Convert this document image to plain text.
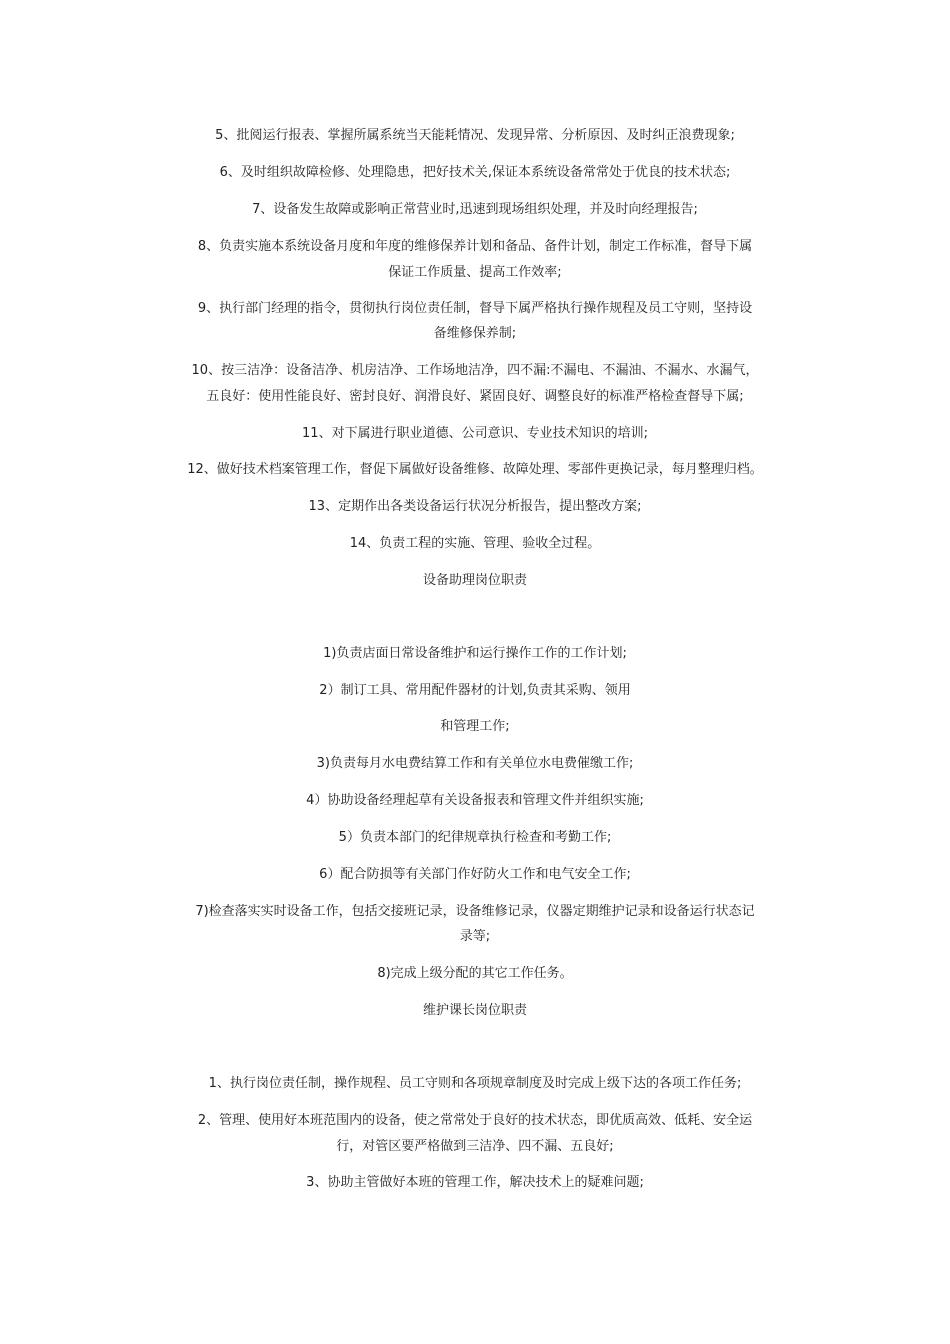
5、批阅运行报表、掌握所属系统当天能耗情况、发现异常、分析原因、及时纠正浪费现象;
6、及时组织故障检修、处理隐患，把好技术关,保证本系统设备常常处于优良的技术状态;
7、设备发生故障或影响正常营业时,迅速到现场组织处理，并及时向经理报告;
8、负责实施本系统设备月度和年度的维修保养计划和备品、备件计划，制定工作标准，督导下属
保证工作质量、提高工作效率;
9、执行部门经理的指令，贯彻执行岗位责任制，督导下属严格执行操作规程及员工守则，坚持设
备维修保养制;
10、按三洁净：设备洁净、机房洁净、工作场地洁净，四不漏:不漏电、不漏油、不漏水、水漏气，
五良好：使用性能良好、密封良好、润滑良好、紧固良好、调整良好的标准严格检查督导下属;
11、对下属进行职业道德、公司意识、专业技术知识的培训;
12、做好技术档案管理工作，督促下属做好设备维修、故障处理、零部件更换记录，每月整理归档。
13、定期作出各类设备运行状况分析报告，提出整改方案;
14、负责工程的实施、管理、验收全过程。
设备助理岗位职责
1)负责店面日常设备维护和运行操作工作的工作计划;
2）制订工具、常用配件器材的计划,负责其采购、领用
和管理工作;
3)负责每月水电费结算工作和有关单位水电费催缴工作;
4）协助设备经理起草有关设备报表和管理文件并组织实施;
5）负责本部门的纪律规章执行检查和考勤工作;
6）配合防损等有关部门作好防火工作和电气安全工作;
7)检查落实实时设备工作，包括交接班记录，设备维修记录，仪器定期维护记录和设备运行状态记
录等;
8)完成上级分配的其它工作任务。
维护课长岗位职责
1、执行岗位责任制，操作规程、员工守则和各项规章制度及时完成上级下达的各项工作任务;
2、管理、使用好本班范围内的设备，使之常常处于良好的技术状态，即优质高效、低耗、安全运
行，对管区要严格做到三洁净、四不漏、五良好;
3、协助主管做好本班的管理工作，解决技术上的疑难问题;
